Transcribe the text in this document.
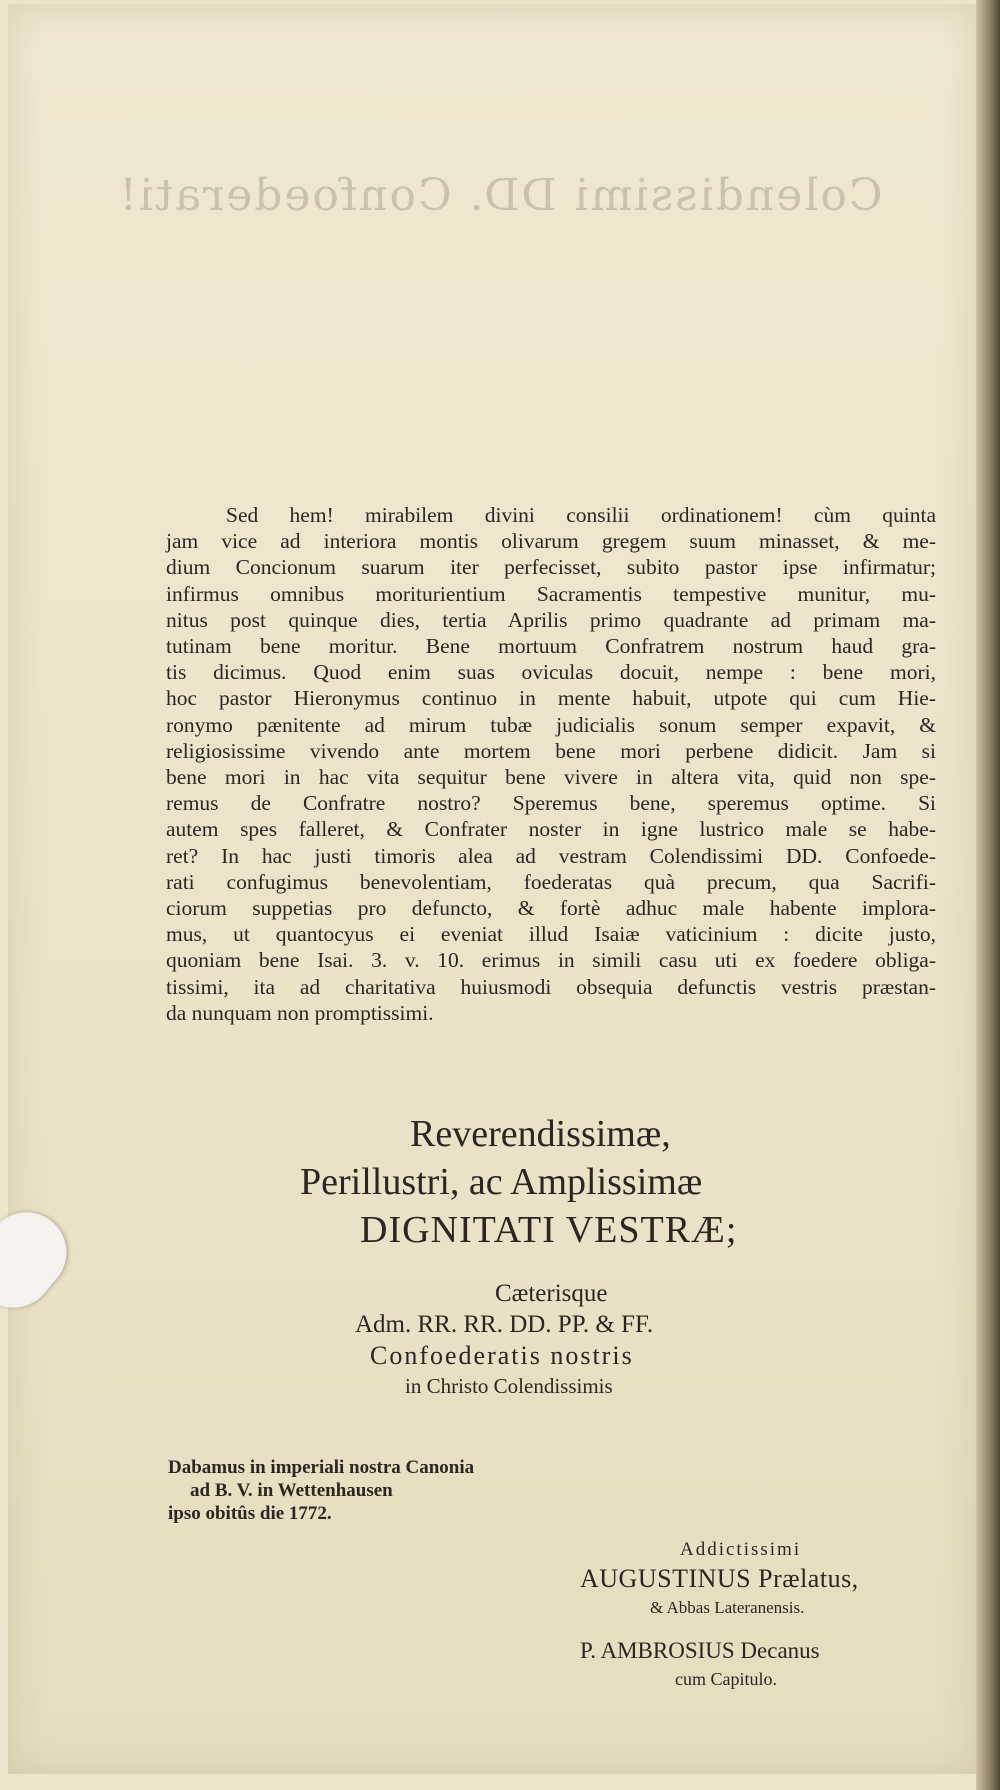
Colendissimi DD. Confoederati!
Sed hem! mirabilem divini consilii ordinationem! cùm quinta
jam vice ad interiora montis olivarum gregem suum minasset, & me-
dium Concionum suarum iter perfecisset, subito pastor ipse infirmatur;
infirmus omnibus moriturientium Sacramentis tempestive munitur, mu-
nitus post quinque dies, tertia Aprilis primo quadrante ad primam ma-
tutinam bene moritur. Bene mortuum Confratrem nostrum haud gra-
tis dicimus. Quod enim suas oviculas docuit, nempe : bene mori,
hoc pastor Hieronymus continuo in mente habuit, utpote qui cum Hie-
ronymo pænitente ad mirum tubæ judicialis sonum semper expavit, &
religiosissime vivendo ante mortem bene mori perbene didicit. Jam si
bene mori in hac vita sequitur bene vivere in altera vita, quid non spe-
remus de Confratre nostro? Speremus bene, speremus optime. Si
autem spes falleret, & Confrater noster in igne lustrico male se habe-
ret? In hac justi timoris alea ad vestram Colendissimi DD. Confoede-
rati confugimus benevolentiam, foederatas quà precum, qua Sacrifi-
ciorum suppetias pro defuncto, & fortè adhuc male habente implora-
mus, ut quantocyus ei eveniat illud Isaiæ vaticinium : dicite justo,
quoniam bene Isai. 3. v. 10. erimus in simili casu uti ex foedere obliga-
tissimi, ita ad charitativa huiusmodi obsequia defunctis vestris præstan-
da nunquam non promptissimi.
Reverendissimæ,
Perillustri, ac Amplissimæ
DIGNITATI VESTRÆ;
Cæterisque
Adm. RR. RR. DD. PP. & FF.
Confoederatis nostris
in Christo Colendissimis
Dabamus in imperiali nostra Canonia
ad B. V. in Wettenhausen
ipso obitûs die 1772.
Addictissimi
AUGUSTINUS Prælatus,
& Abbas Lateranensis.
P. AMBROSIUS Decanus
cum Capitulo.
